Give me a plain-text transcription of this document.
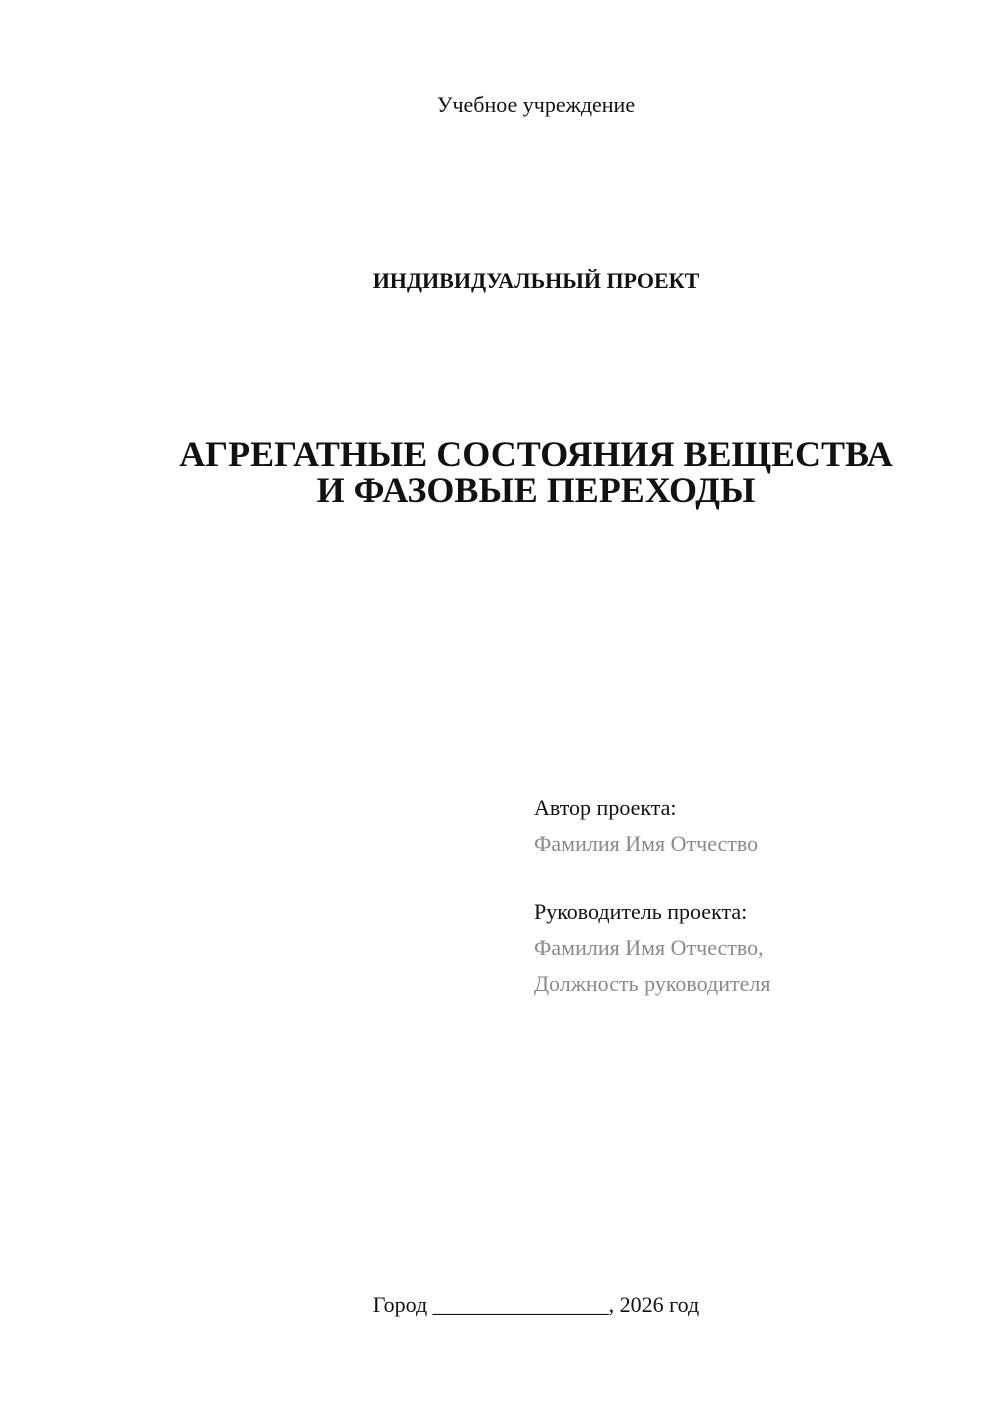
Учебное учреждение
ИНДИВИДУАЛЬНЫЙ ПРОЕКТ
АГРЕГАТНЫЕ СОСТОЯНИЯ ВЕЩЕСТВА
И ФАЗОВЫЕ ПЕРЕХОДЫ
Автор проекта:
Фамилия Имя Отчество
Руководитель проекта:
Фамилия Имя Отчество,
Должность руководителя
Город ________________, 2026 год
